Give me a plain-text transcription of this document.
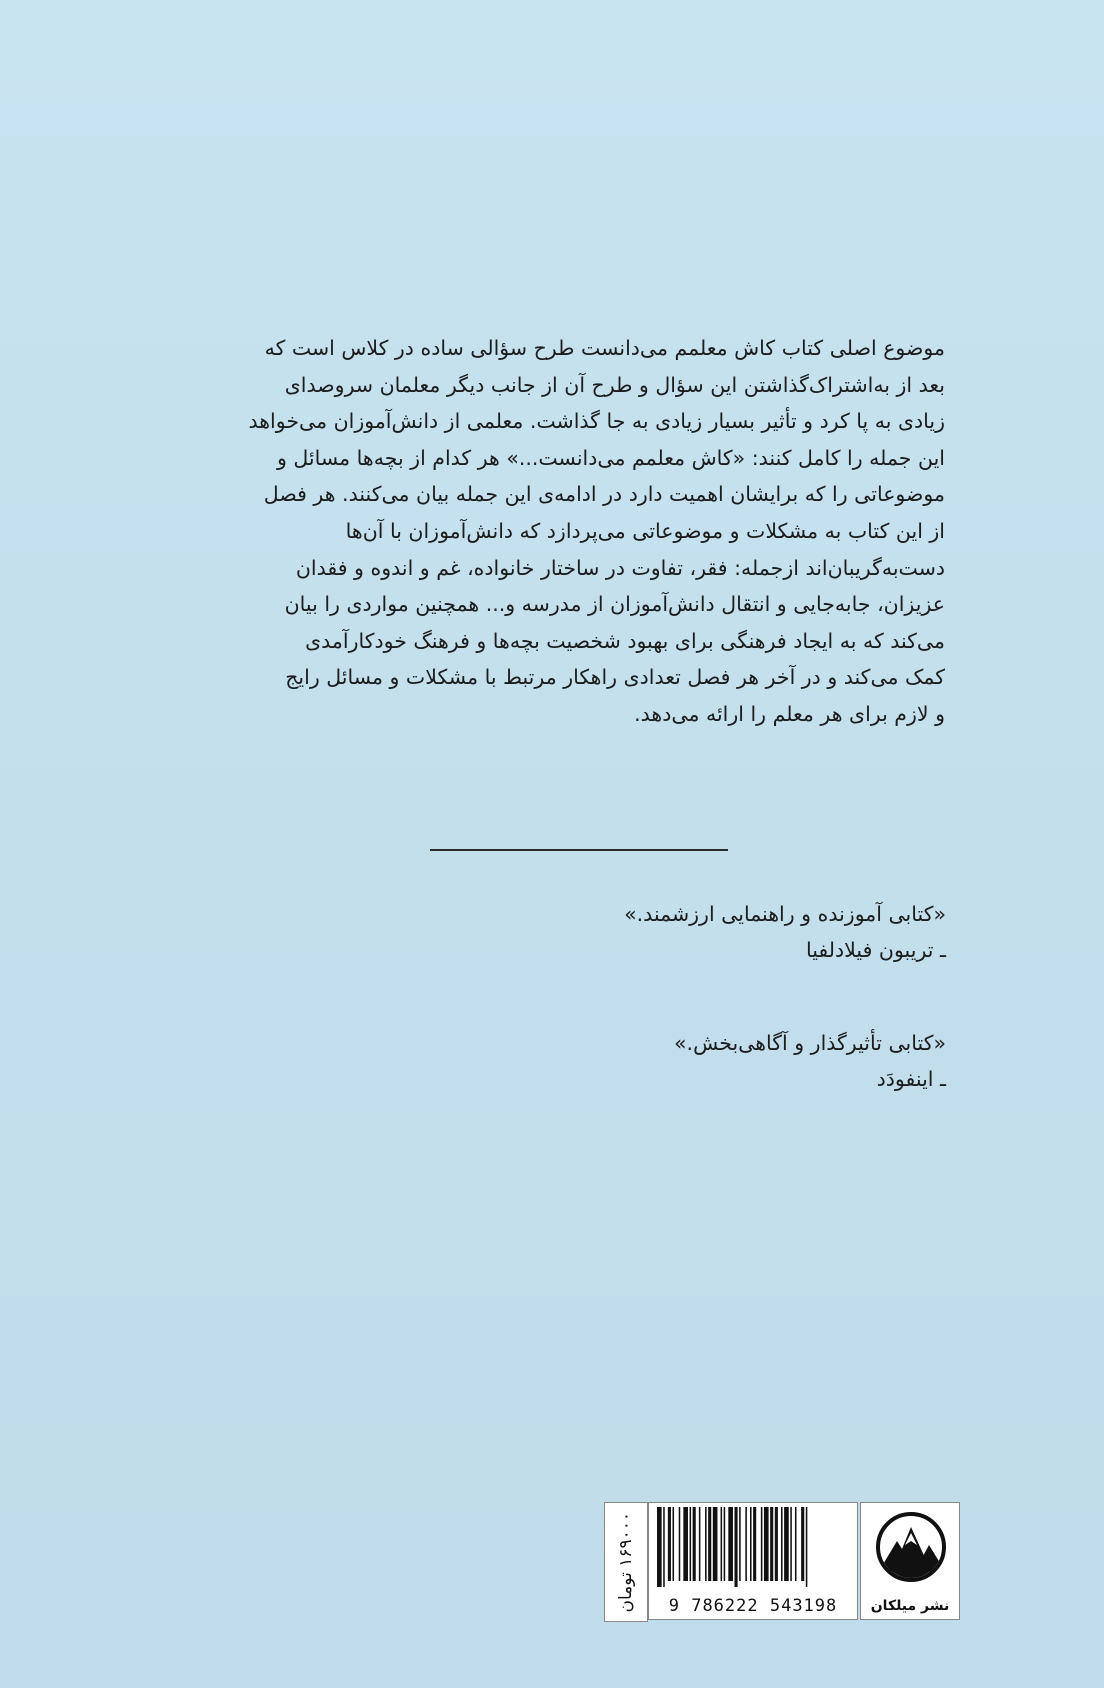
موضوع اصلی کتاب کاش معلمم می‌دانست طرح سؤالی ساده در کلاس است که

بعد از به‌اشتراک‌گذاشتن این سؤال و طرح آن از جانب دیگر معلمان سروصدای

زیادی به پا کرد و تأثیر بسیار زیادی به جا گذاشت. معلمی از دانش‌آموزان می‌خواهد

این جمله را کامل کنند: «کاش معلمم می‌دانست...» هر کدام از بچه‌ها مسائل و

موضوعاتی را که برایشان اهمیت دارد در ادامه‌ی این جمله بیان می‌کنند. هر فصل

از این کتاب به مشکلات و موضوعاتی می‌پردازد که دانش‌آموزان با آن‌ها

دست‌به‌گریبان‌اند ازجمله: فقر، تفاوت در ساختار خانواده، غم و اندوه و فقدان

عزیزان، جابه‌جایی و انتقال دانش‌آموزان از مدرسه و... همچنین مواردی را بیان

می‌کند که به ایجاد فرهنگی برای بهبود شخصیت بچه‌ها و فرهنگ خودکارآمدی

کمک می‌کند و در آخر هر فصل تعدادی راهکار مرتبط با مشکلات و مسائل رایج

و لازم برای هر معلم را ارائه می‌دهد.

«کتابی آموزنده و راهنمایی ارزشمند.»
ـ تریبون فیلادلفیا
«کتابی تأثیرگذار و آگاهی‌بخش.»
ـ اینفودَد
۱۶۹۰۰۰ تومان
9 786222 543198	نشر میلکان
